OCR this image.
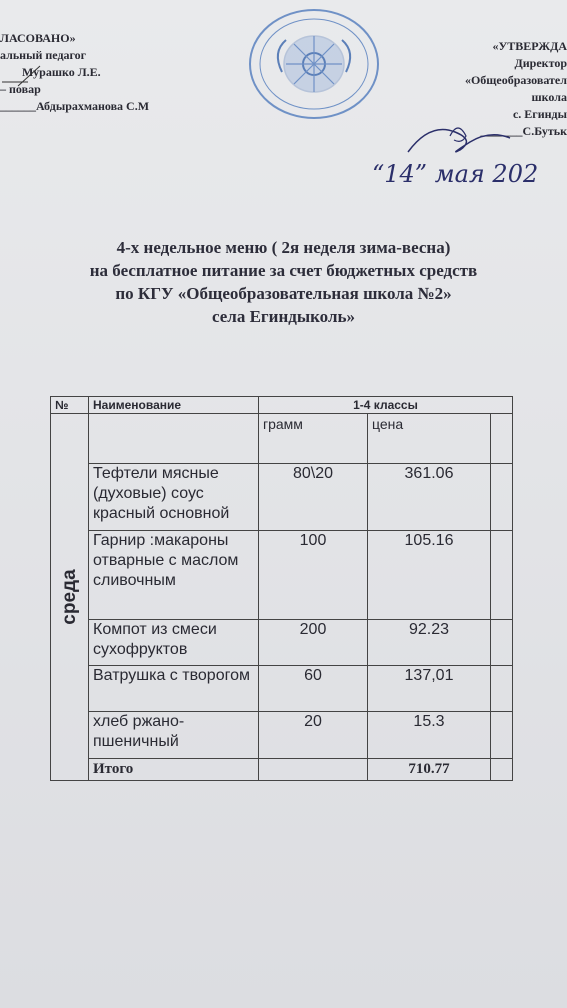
ЛАСОВАНО»
альный педагог
Мурашко Л.Е.
– повар
______Абдырахманова С.М
«УТВЕРЖДА
Директор
«Общеобразовател
школа
с. Егинды
_______С.Бутьк
“14” мая 202
4-х недельное меню ( 2я неделя зима-весна)
на бесплатное питание за счет бюджетных средств
по КГУ «Общеобразовательная школа №2»
села Егиндыколь»
№	Наименование	1-4 классы		

среда		грамм	цена	
	Тефтели мясные (духовые) соус красный основной	80\20	361.06	
	Гарнир :макароны отварные с маслом сливочным	100	105.16	
	Компот из смеси сухофруктов	200	92.23	
	Ватрушка с творогом	60	137,01	
	хлеб ржано-пшеничный	20	15.3	
	Итого		710.77	
